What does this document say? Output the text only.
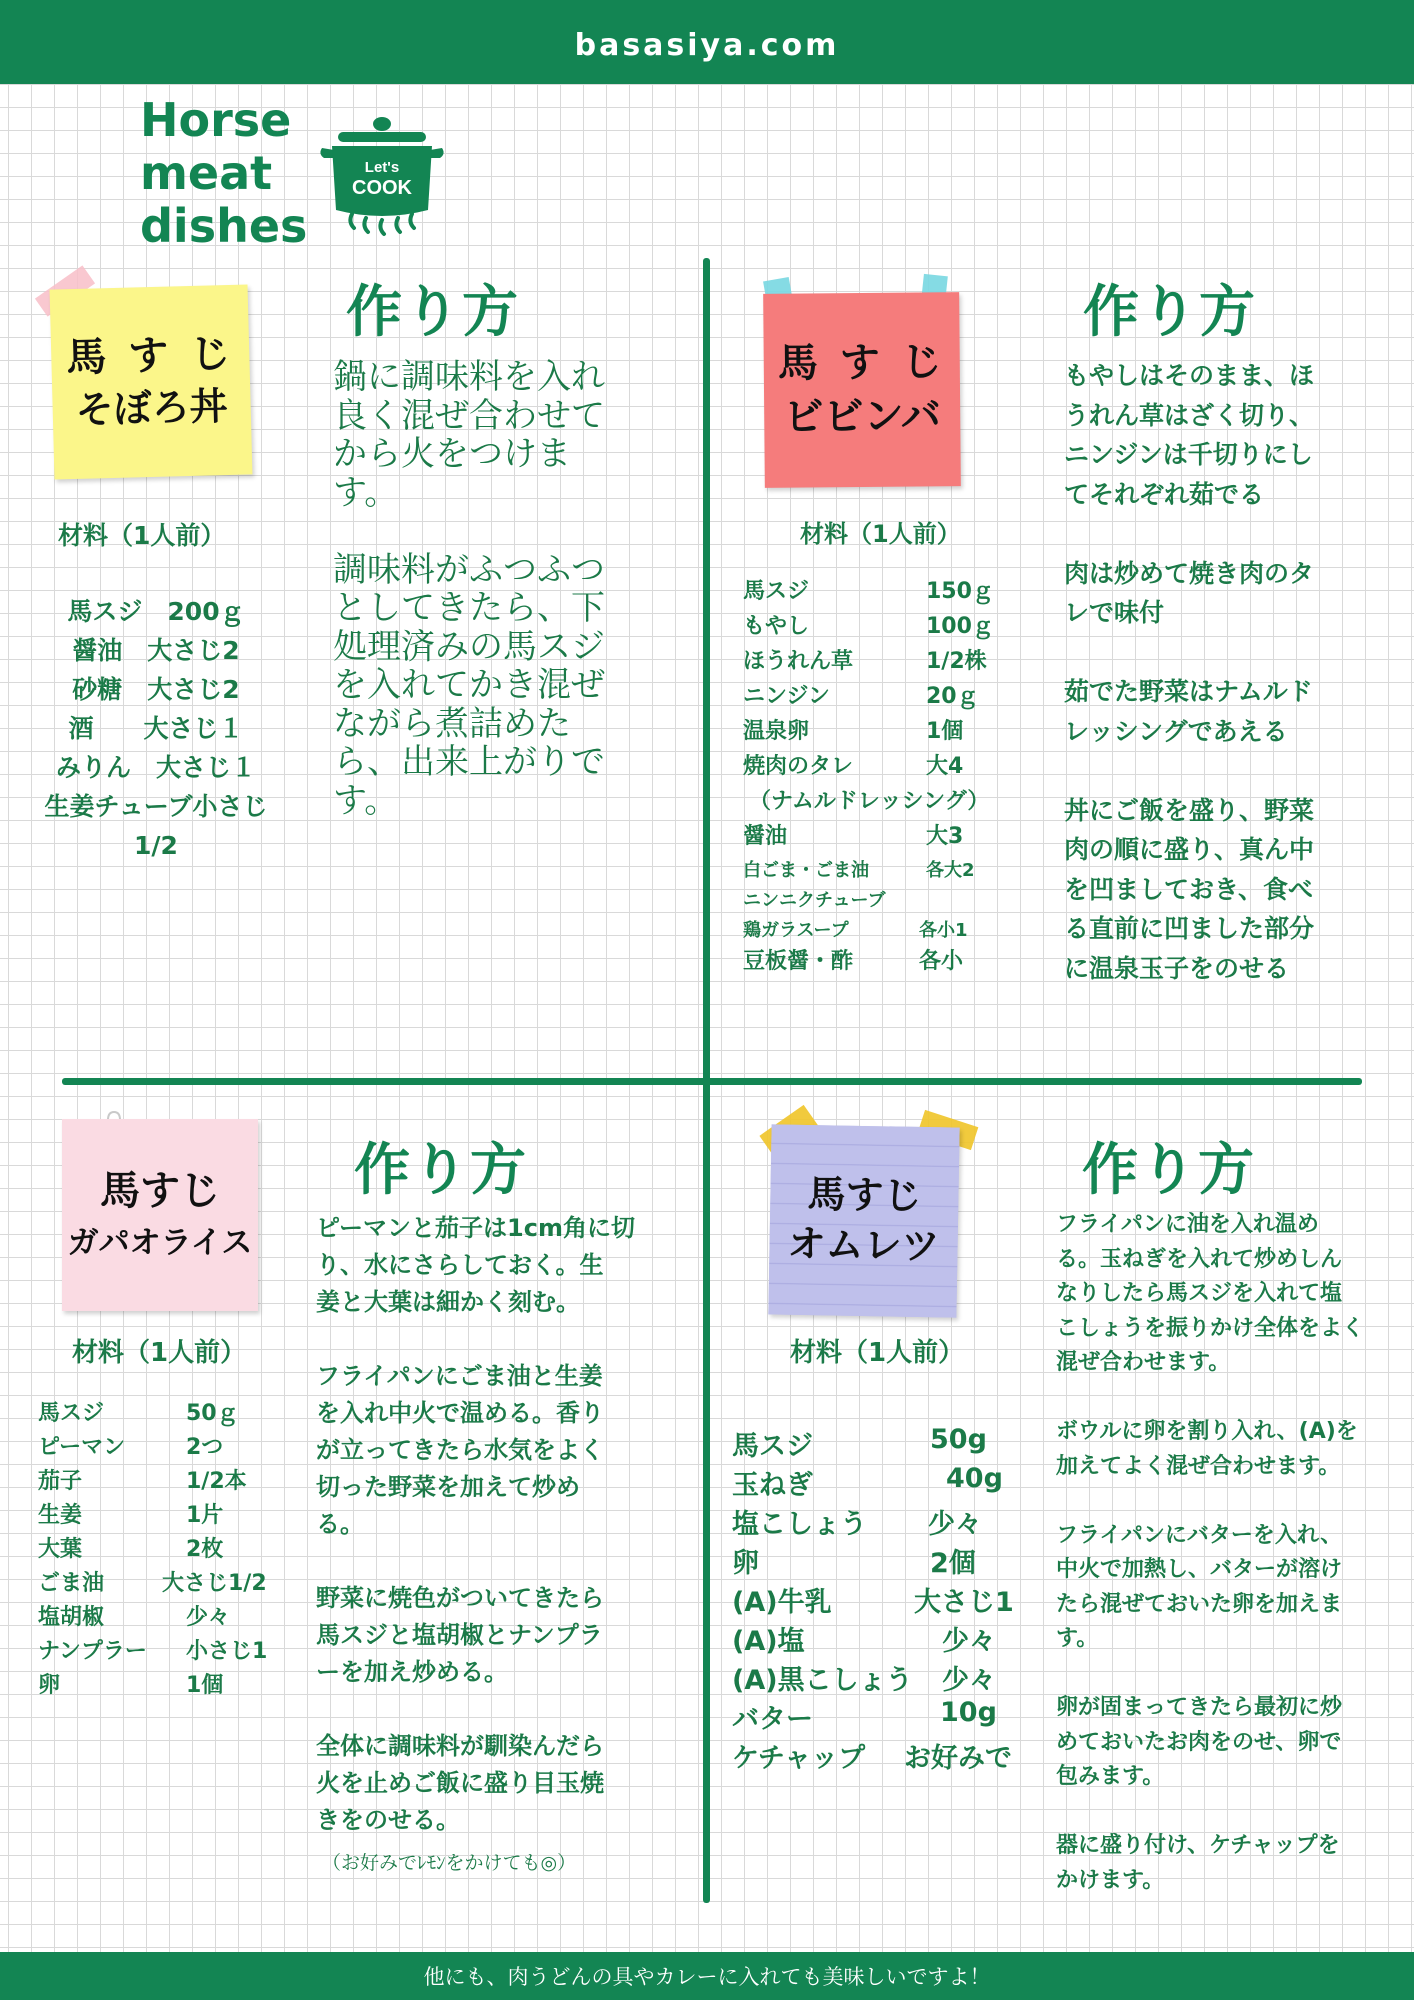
basasiya.com
Horse
meat
dishes
Let's
COOK
馬 す じ
そぼろ丼
作り方
材料（1人前）
馬スジ　200ｇ
醤油　大さじ2
砂糖　大さじ2
酒　　大さじ１
みりん　大さじ１
生姜チューブ小さじ
1/2
鍋に調味料を入れ
良く混ぜ合わせて
から火をつけま
す。

調味料がふつふつ
としてきたら、下
処理済みの馬スジ
を入れてかき混ぜ
ながら煮詰めた
ら、出来上がりで
す。
馬 す じ
ビビンバ
作り方
材料（1人前）
馬スジ	150ｇ
もやし	100ｇ
ほうれん草	1/2株
ニンジン	20ｇ
温泉卵	1個
焼肉のタレ	大4
（ナムルドレッシング）
醤油	大3
白ごま・ごま油	各大2
ニンニクチューブ
鶏ガラスープ	各小1
豆板醤・酢	各小
もやしはそのまま、ほ
うれん草はざく切り、
ニンジンは千切りにし
てそれぞれ茹でる

肉は炒めて焼き肉のタ
レで味付

茹でた野菜はナムルド
レッシングであえる

丼にご飯を盛り、野菜
肉の順に盛り、真ん中
を凹ましておき、食べ
る直前に凹ました部分
に温泉玉子をのせる
馬すじ
ガパオライス
作り方
材料（1人前）
馬スジ	50ｇ
ピーマン	2つ
茄子	1/2本
生姜	1片
大葉	2枚
ごま油	大さじ1/2
塩胡椒	少々
ナンプラー 小さじ1
卵	1個
ピーマンと茄子は1cm角に切
り、水にさらしておく。生
姜と大葉は細かく刻む。

フライパンにごま油と生姜
を入れ中火で温める。香り
が立ってきたら水気をよく
切った野菜を加えて炒め
る。

野菜に焼色がついてきたら
馬スジと塩胡椒とナンプラ
ーを加え炒める。

全体に調味料が馴染んだら
火を止めご飯に盛り目玉焼
きをのせる。
（お好みでﾚﾓﾝをかけても◎）
馬すじ
オムレツ
作り方
材料（1人前）
馬スジ	50g
玉ねぎ	40g
塩こしょう 少々
卵	2個
(A)牛乳	大さじ1
(A)塩	少々
(A)黒こしょう 少々
バター	10g
ケチャップ お好みで
フライパンに油を入れ温め
る。玉ねぎを入れて炒めしん
なりしたら馬スジを入れて塩
こしょうを振りかけ全体をよく
混ぜ合わせます。

ボウルに卵を割り入れ、(A)を
加えてよく混ぜ合わせます。

フライパンにバターを入れ、
中火で加熱し、バターが溶け
たら混ぜておいた卵を加えま
す。

卵が固まってきたら最初に炒
めておいたお肉をのせ、卵で
包みます。

器に盛り付け、ケチャップを
かけます。
他にも、肉うどんの具やカレーに入れても美味しいですよ！
